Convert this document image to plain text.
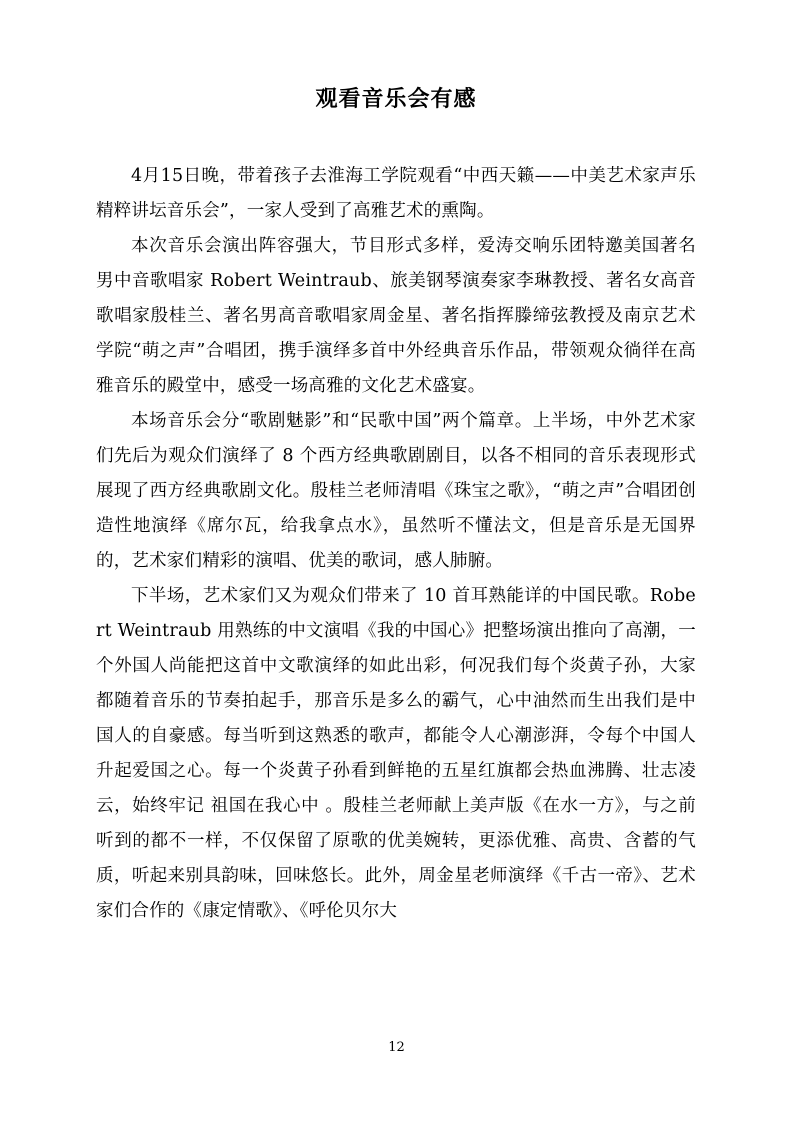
观看音乐会有感

4月15日晚，带着孩子去淮海工学院观看“中西天籁——中美艺术家声乐精粹讲坛音乐会”，一家人受到了高雅艺术的熏陶。

本次音乐会演出阵容强大，节目形式多样，爱涛交响乐团特邀美国著名男中音歌唱家 Robert Weintraub、旅美钢琴演奏家李琳教授、著名女高音歌唱家殷桂兰、著名男高音歌唱家周金星、著名指挥滕缔弦教授及南京艺术学院“萌之声”合唱团，携手演绎多首中外经典音乐作品，带领观众徜徉在高雅音乐的殿堂中，感受一场高雅的文化艺术盛宴。

本场音乐会分“歌剧魅影”和“民歌中国”两个篇章。上半场，中外艺术家们先后为观众们演绎了 8 个西方经典歌剧剧目，以各不相同的音乐表现形式展现了西方经典歌剧文化。殷桂兰老师清唱《珠宝之歌》，“萌之声”合唱团创造性地演绎《席尔瓦，给我拿点水》，虽然听不懂法文，但是音乐是无国界的，艺术家们精彩的演唱、优美的歌词，感人肺腑。

下半场，艺术家们又为观众们带来了 10 首耳熟能详的中国民歌。Robert Weintraub 用熟练的中文演唱《我的中国心》把整场演出推向了高潮，一个外国人尚能把这首中文歌演绎的如此出彩，何况我们每个炎黄子孙，大家都随着音乐的节奏拍起手，那音乐是多么的霸气，心中油然而生出我们是中国人的自豪感。每当听到这熟悉的歌声，都能令人心潮澎湃，令每个中国人升起爱国之心。每一个炎黄子孙看到鲜艳的五星红旗都会热血沸腾、壮志凌云，始终牢记 祖国在我心中 。殷桂兰老师献上美声版《在水一方》，与之前听到的都不一样，不仅保留了原歌的优美婉转，更添优雅、高贵、含蓄的气质，听起来别具韵味，回味悠长。此外，周金星老师演绎《千古一帝》、艺术家们合作的《康定情歌》、《呼伦贝尔大

12
